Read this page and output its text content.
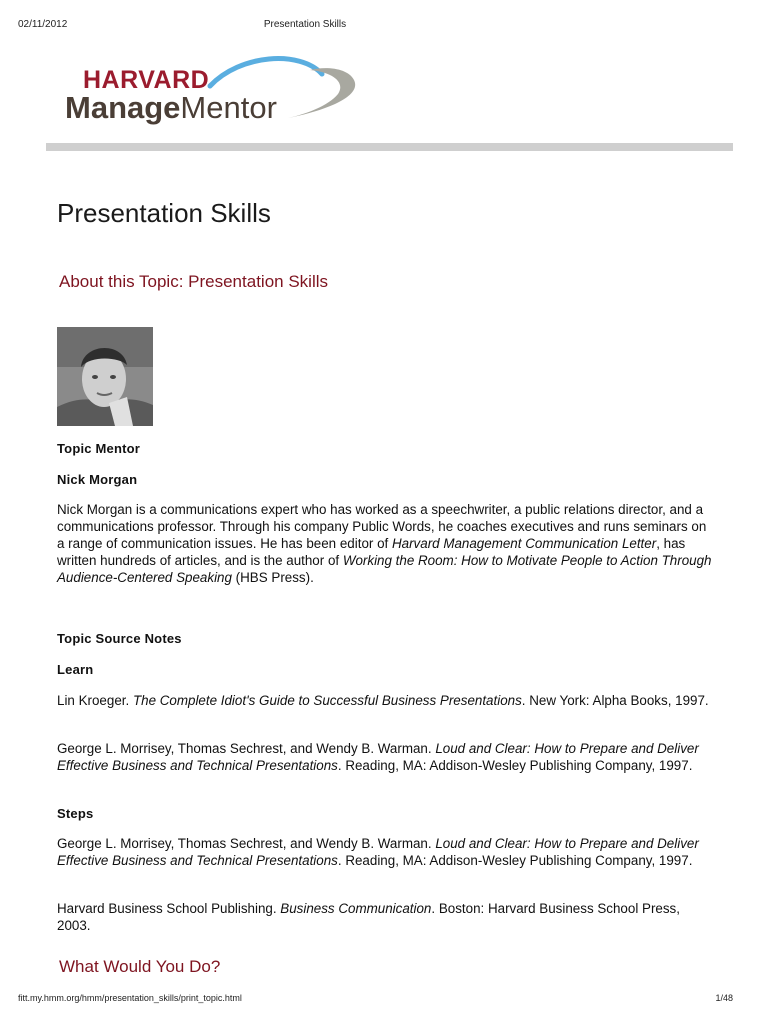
02/11/2012	Presentation Skills
HARVARD
ManageMentor
Presentation Skills
About this Topic: Presentation Skills
Topic Mentor
Nick Morgan
Nick Morgan is a communications expert who has worked as a speechwriter, a public relations director, and a communications professor. Through his company Public Words, he coaches executives and runs seminars on a range of communication issues. He has been editor of Harvard Management Communication Letter, has written hundreds of articles, and is the author of Working the Room: How to Motivate People to Action Through Audience-Centered Speaking (HBS Press).
Topic Source Notes
Learn
Lin Kroeger. The Complete Idiot's Guide to Successful Business Presentations. New York: Alpha Books, 1997.
George L. Morrisey, Thomas Sechrest, and Wendy B. Warman. Loud and Clear: How to Prepare and Deliver Effective Business and Technical Presentations. Reading, MA: Addison-Wesley Publishing Company, 1997.
Steps
George L. Morrisey, Thomas Sechrest, and Wendy B. Warman. Loud and Clear: How to Prepare and Deliver Effective Business and Technical Presentations. Reading, MA: Addison-Wesley Publishing Company, 1997.
Harvard Business School Publishing. Business Communication. Boston: Harvard Business School Press, 2003.
What Would You Do?
fitt.my.hmm.org/hmm/presentation_skills/print_topic.html	1/48
